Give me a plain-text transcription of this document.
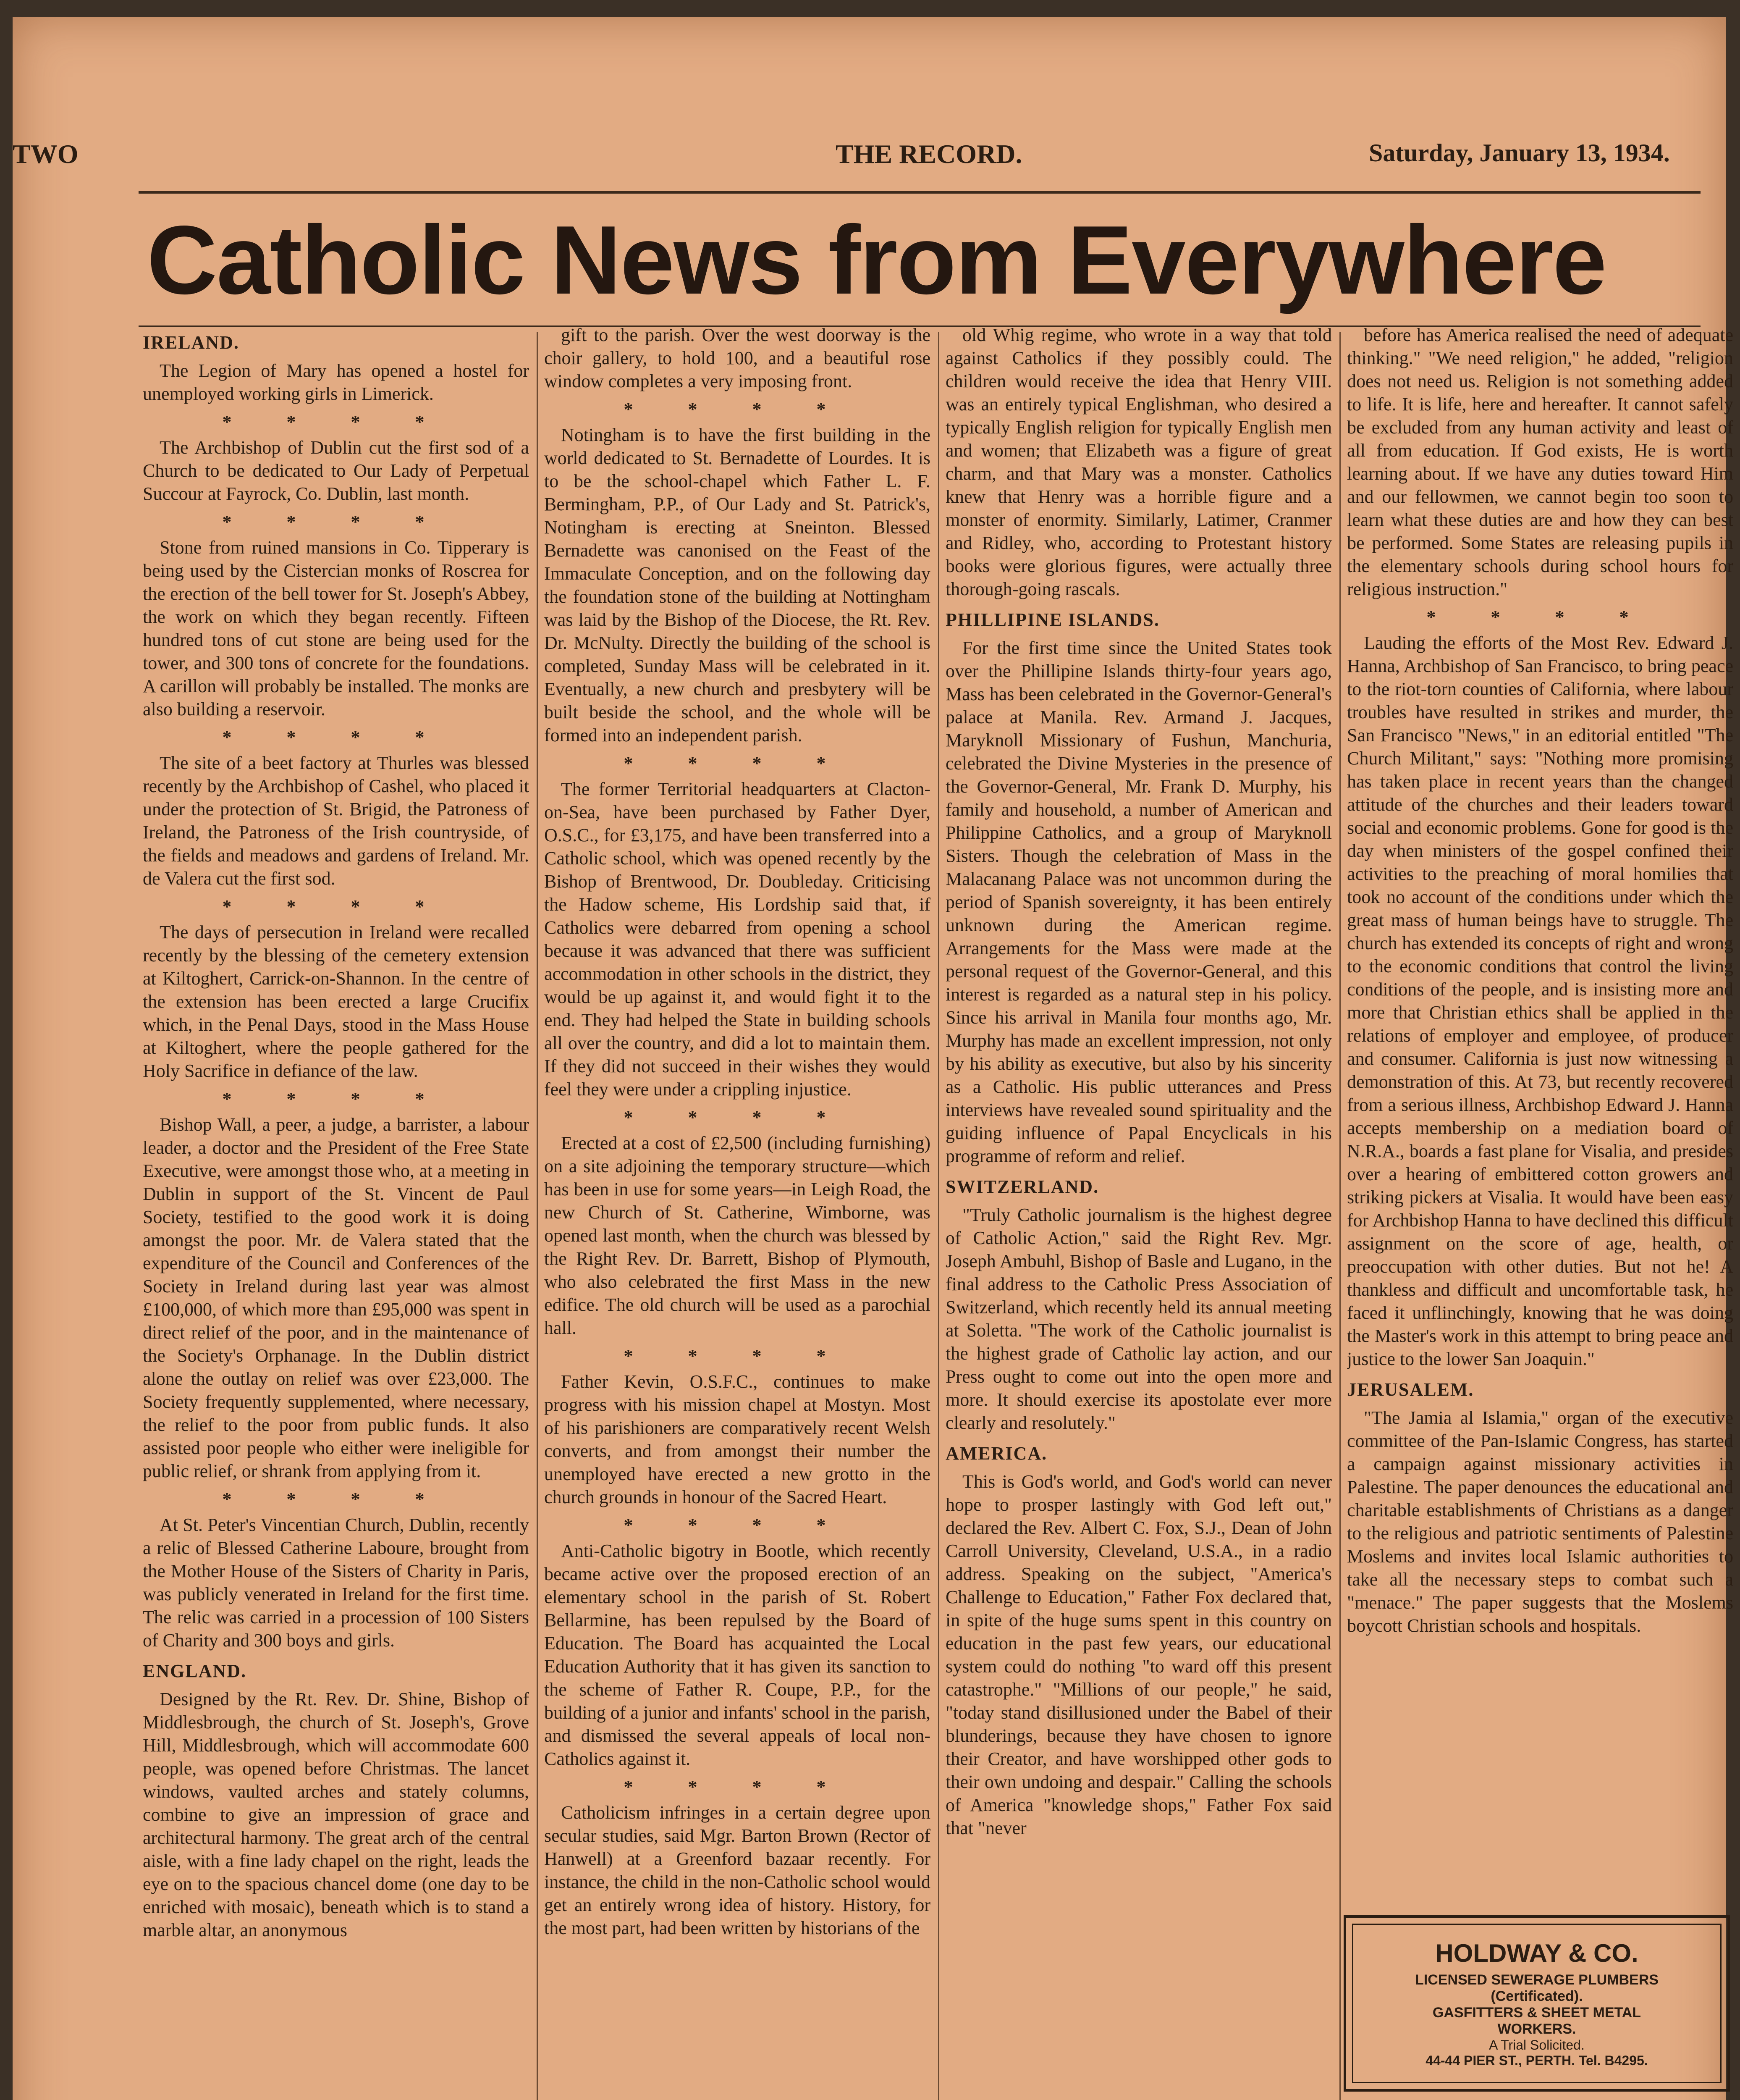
TWO	THE RECORD.	Saturday, January 13, 1934.
Catholic News from Everywhere

IRELAND.

The Legion of Mary has opened a hostel for unemployed working girls in Limerick.

* * * *

The Archbishop of Dublin cut the first sod of a Church to be dedicated to Our Lady of Perpetual Succour at Fayrock, Co. Dublin, last month.

* * * *

Stone from ruined mansions in Co. Tipperary is being used by the Cistercian monks of Roscrea for the erection of the bell tower for St. Joseph's Abbey, the work on which they began recently. Fifteen hundred tons of cut stone are being used for the tower, and 300 tons of concrete for the foundations. A carillon will probably be installed. The monks are also building a reservoir.

* * * *

The site of a beet factory at Thurles was blessed recently by the Archbishop of Cashel, who placed it under the protection of St. Brigid, the Patroness of Ireland, the Patroness of the Irish countryside, of the fields and meadows and gardens of Ireland. Mr. de Valera cut the first sod.

* * * *

The days of persecution in Ireland were recalled recently by the blessing of the cemetery extension at Kiltoghert, Carrick-on-Shannon. In the centre of the extension has been erected a large Crucifix which, in the Penal Days, stood in the Mass House at Kiltoghert, where the people gathered for the Holy Sacrifice in defiance of the law.

* * * *

Bishop Wall, a peer, a judge, a barrister, a labour leader, a doctor and the President of the Free State Executive, were amongst those who, at a meeting in Dublin in support of the St. Vincent de Paul Society, testified to the good work it is doing amongst the poor. Mr. de Valera stated that the expenditure of the Council and Conferences of the Society in Ireland during last year was almost £100,000, of which more than £95,000 was spent in direct relief of the poor, and in the maintenance of the Society's Orphanage. In the Dublin district alone the outlay on relief was over £23,000. The Society frequently supplemented, where necessary, the relief to the poor from public funds. It also assisted poor people who either were ineligible for public relief, or shrank from applying from it.

* * * *

At St. Peter's Vincentian Church, Dublin, recently a relic of Blessed Catherine Laboure, brought from the Mother House of the Sisters of Charity in Paris, was publicly venerated in Ireland for the first time. The relic was carried in a procession of 100 Sisters of Charity and 300 boys and girls.

ENGLAND.

Designed by the Rt. Rev. Dr. Shine, Bishop of Middlesbrough, the church of St. Joseph's, Grove Hill, Middlesbrough, which will accommodate 600 people, was opened before Christmas. The lancet windows, vaulted arches and stately columns, combine to give an impression of grace and architectural harmony. The great arch of the central aisle, with a fine lady chapel on the right, leads the eye on to the spacious chancel dome (one day to be enriched with mosaic), beneath which is to stand a marble altar, an anonymous

gift to the parish. Over the west doorway is the choir gallery, to hold 100, and a beautiful rose window completes a very imposing front.

* * * *

Notingham is to have the first building in the world dedicated to St. Bernadette of Lourdes. It is to be the school-chapel which Father L. F. Bermingham, P.P., of Our Lady and St. Patrick's, Notingham is erecting at Sneinton. Blessed Bernadette was canonised on the Feast of the Immaculate Conception, and on the following day the foundation stone of the building at Nottingham was laid by the Bishop of the Diocese, the Rt. Rev. Dr. McNulty. Directly the building of the school is completed, Sunday Mass will be celebrated in it. Eventually, a new church and presbytery will be built beside the school, and the whole will be formed into an independent parish.

* * * *

The former Territorial headquarters at Clacton-on-Sea, have been purchased by Father Dyer, O.S.C., for £3,175, and have been transferred into a Catholic school, which was opened recently by the Bishop of Brentwood, Dr. Doubleday. Criticising the Hadow scheme, His Lordship said that, if Catholics were debarred from opening a school because it was advanced that there was sufficient accommodation in other schools in the district, they would be up against it, and would fight it to the end. They had helped the State in building schools all over the country, and did a lot to maintain them. If they did not succeed in their wishes they would feel they were under a crippling injustice.

* * * *

Erected at a cost of £2,500 (including furnishing) on a site adjoining the temporary structure—which has been in use for some years—in Leigh Road, the new Church of St. Catherine, Wimborne, was opened last month, when the church was blessed by the Right Rev. Dr. Barrett, Bishop of Plymouth, who also celebrated the first Mass in the new edifice. The old church will be used as a parochial hall.

* * * *

Father Kevin, O.S.F.C., continues to make progress with his mission chapel at Mostyn. Most of his parishioners are comparatively recent Welsh converts, and from amongst their number the unemployed have erected a new grotto in the church grounds in honour of the Sacred Heart.

* * * *

Anti-Catholic bigotry in Bootle, which recently became active over the proposed erection of an elementary school in the parish of St. Robert Bellarmine, has been repulsed by the Board of Education. The Board has acquainted the Local Education Authority that it has given its sanction to the scheme of Father R. Coupe, P.P., for the building of a junior and infants' school in the parish, and dismissed the several appeals of local non-Catholics against it.

* * * *

Catholicism infringes in a certain degree upon secular studies, said Mgr. Barton Brown (Rector of Hanwell) at a Greenford bazaar recently. For instance, the child in the non-Catholic school would get an entirely wrong idea of history. History, for the most part, had been written by historians of the

old Whig regime, who wrote in a way that told against Catholics if they possibly could. The children would receive the idea that Henry VIII. was an entirely typical Englishman, who desired a typically English religion for typically English men and women; that Elizabeth was a figure of great charm, and that Mary was a monster. Catholics knew that Henry was a horrible figure and a monster of enormity. Similarly, Latimer, Cranmer and Ridley, who, according to Protestant history books were glorious figures, were actually three thorough-going rascals.

PHILLIPINE ISLANDS.

For the first time since the United States took over the Phillipine Islands thirty-four years ago, Mass has been celebrated in the Governor-General's palace at Manila. Rev. Armand J. Jacques, Maryknoll Missionary of Fushun, Manchuria, celebrated the Divine Mysteries in the presence of the Governor-General, Mr. Frank D. Murphy, his family and household, a number of American and Philippine Catholics, and a group of Maryknoll Sisters. Though the celebration of Mass in the Malacanang Palace was not uncommon during the period of Spanish sovereignty, it has been entirely unknown during the American regime. Arrangements for the Mass were made at the personal request of the Governor-General, and this interest is regarded as a natural step in his policy. Since his arrival in Manila four months ago, Mr. Murphy has made an excellent impression, not only by his ability as executive, but also by his sincerity as a Catholic. His public utterances and Press interviews have revealed sound spirituality and the guiding influence of Papal Encyclicals in his programme of reform and relief.

SWITZERLAND.

"Truly Catholic journalism is the highest degree of Catholic Action," said the Right Rev. Mgr. Joseph Ambuhl, Bishop of Basle and Lugano, in the final address to the Catholic Press Association of Switzerland, which recently held its annual meeting at Soletta. "The work of the Catholic journalist is the highest grade of Catholic lay action, and our Press ought to come out into the open more and more. It should exercise its apostolate ever more clearly and resolutely."

AMERICA.

This is God's world, and God's world can never hope to prosper lastingly with God left out," declared the Rev. Albert C. Fox, S.J., Dean of John Carroll University, Cleveland, U.S.A., in a radio address. Speaking on the subject, "America's Challenge to Education," Father Fox declared that, in spite of the huge sums spent in this country on education in the past few years, our educational system could do nothing "to ward off this present catastrophe." "Millions of our people," he said, "today stand disillusioned under the Babel of their blunderings, because they have chosen to ignore their Creator, and have worshipped other gods to their own undoing and despair." Calling the schools of America "knowledge shops," Father Fox said that "never

before has America realised the need of adequate thinking." "We need religion," he added, "religion does not need us. Religion is not something added to life. It is life, here and hereafter. It cannot safely be excluded from any human activity and least of all from education. If God exists, He is worth learning about. If we have any duties toward Him and our fellowmen, we cannot begin too soon to learn what these duties are and how they can best be performed. Some States are releasing pupils in the elementary schools during school hours for religious instruction."

* * * *

Lauding the efforts of the Most Rev. Edward J. Hanna, Archbishop of San Francisco, to bring peace to the riot-torn counties of California, where labour troubles have resulted in strikes and murder, the San Francisco "News," in an editorial entitled "The Church Militant," says: "Nothing more promising has taken place in recent years than the changed attitude of the churches and their leaders toward social and economic problems. Gone for good is the day when ministers of the gospel confined their activities to the preaching of moral homilies that took no account of the conditions under which the great mass of human beings have to struggle. The church has extended its concepts of right and wrong to the economic conditions that control the living conditions of the people, and is insisting more and more that Christian ethics shall be applied in the relations of employer and employee, of producer and consumer. California is just now witnessing a demonstration of this. At 73, but recently recovered from a serious illness, Archbishop Edward J. Hanna accepts membership on a mediation board of N.R.A., boards a fast plane for Visalia, and presides over a hearing of embittered cotton growers and striking pickers at Visalia. It would have been easy for Archbishop Hanna to have declined this difficult assignment on the score of age, health, or preoccupation with other duties. But not he! A thankless and difficult and uncomfortable task, he faced it unflinchingly, knowing that he was doing the Master's work in this attempt to bring peace and justice to the lower San Joaquin."

JERUSALEM.

"The Jamia al Islamia," organ of the executive committee of the Pan-Islamic Congress, has started a campaign against missionary activities in Palestine. The paper denounces the educational and charitable establishments of Christians as a danger to the religious and patriotic sentiments of Palestine Moslems and invites local Islamic authorities to take all the necessary steps to combat such a "menace." The paper suggests that the Moslems boycott Christian schools and hospitals.

HOLDWAY & CO.
LICENSED SEWERAGE PLUMBERS
(Certificated).
GASFITTERS & SHEET METAL
WORKERS.
A Trial Solicited.
44-44 PIER ST., PERTH. Tel. B4295.
